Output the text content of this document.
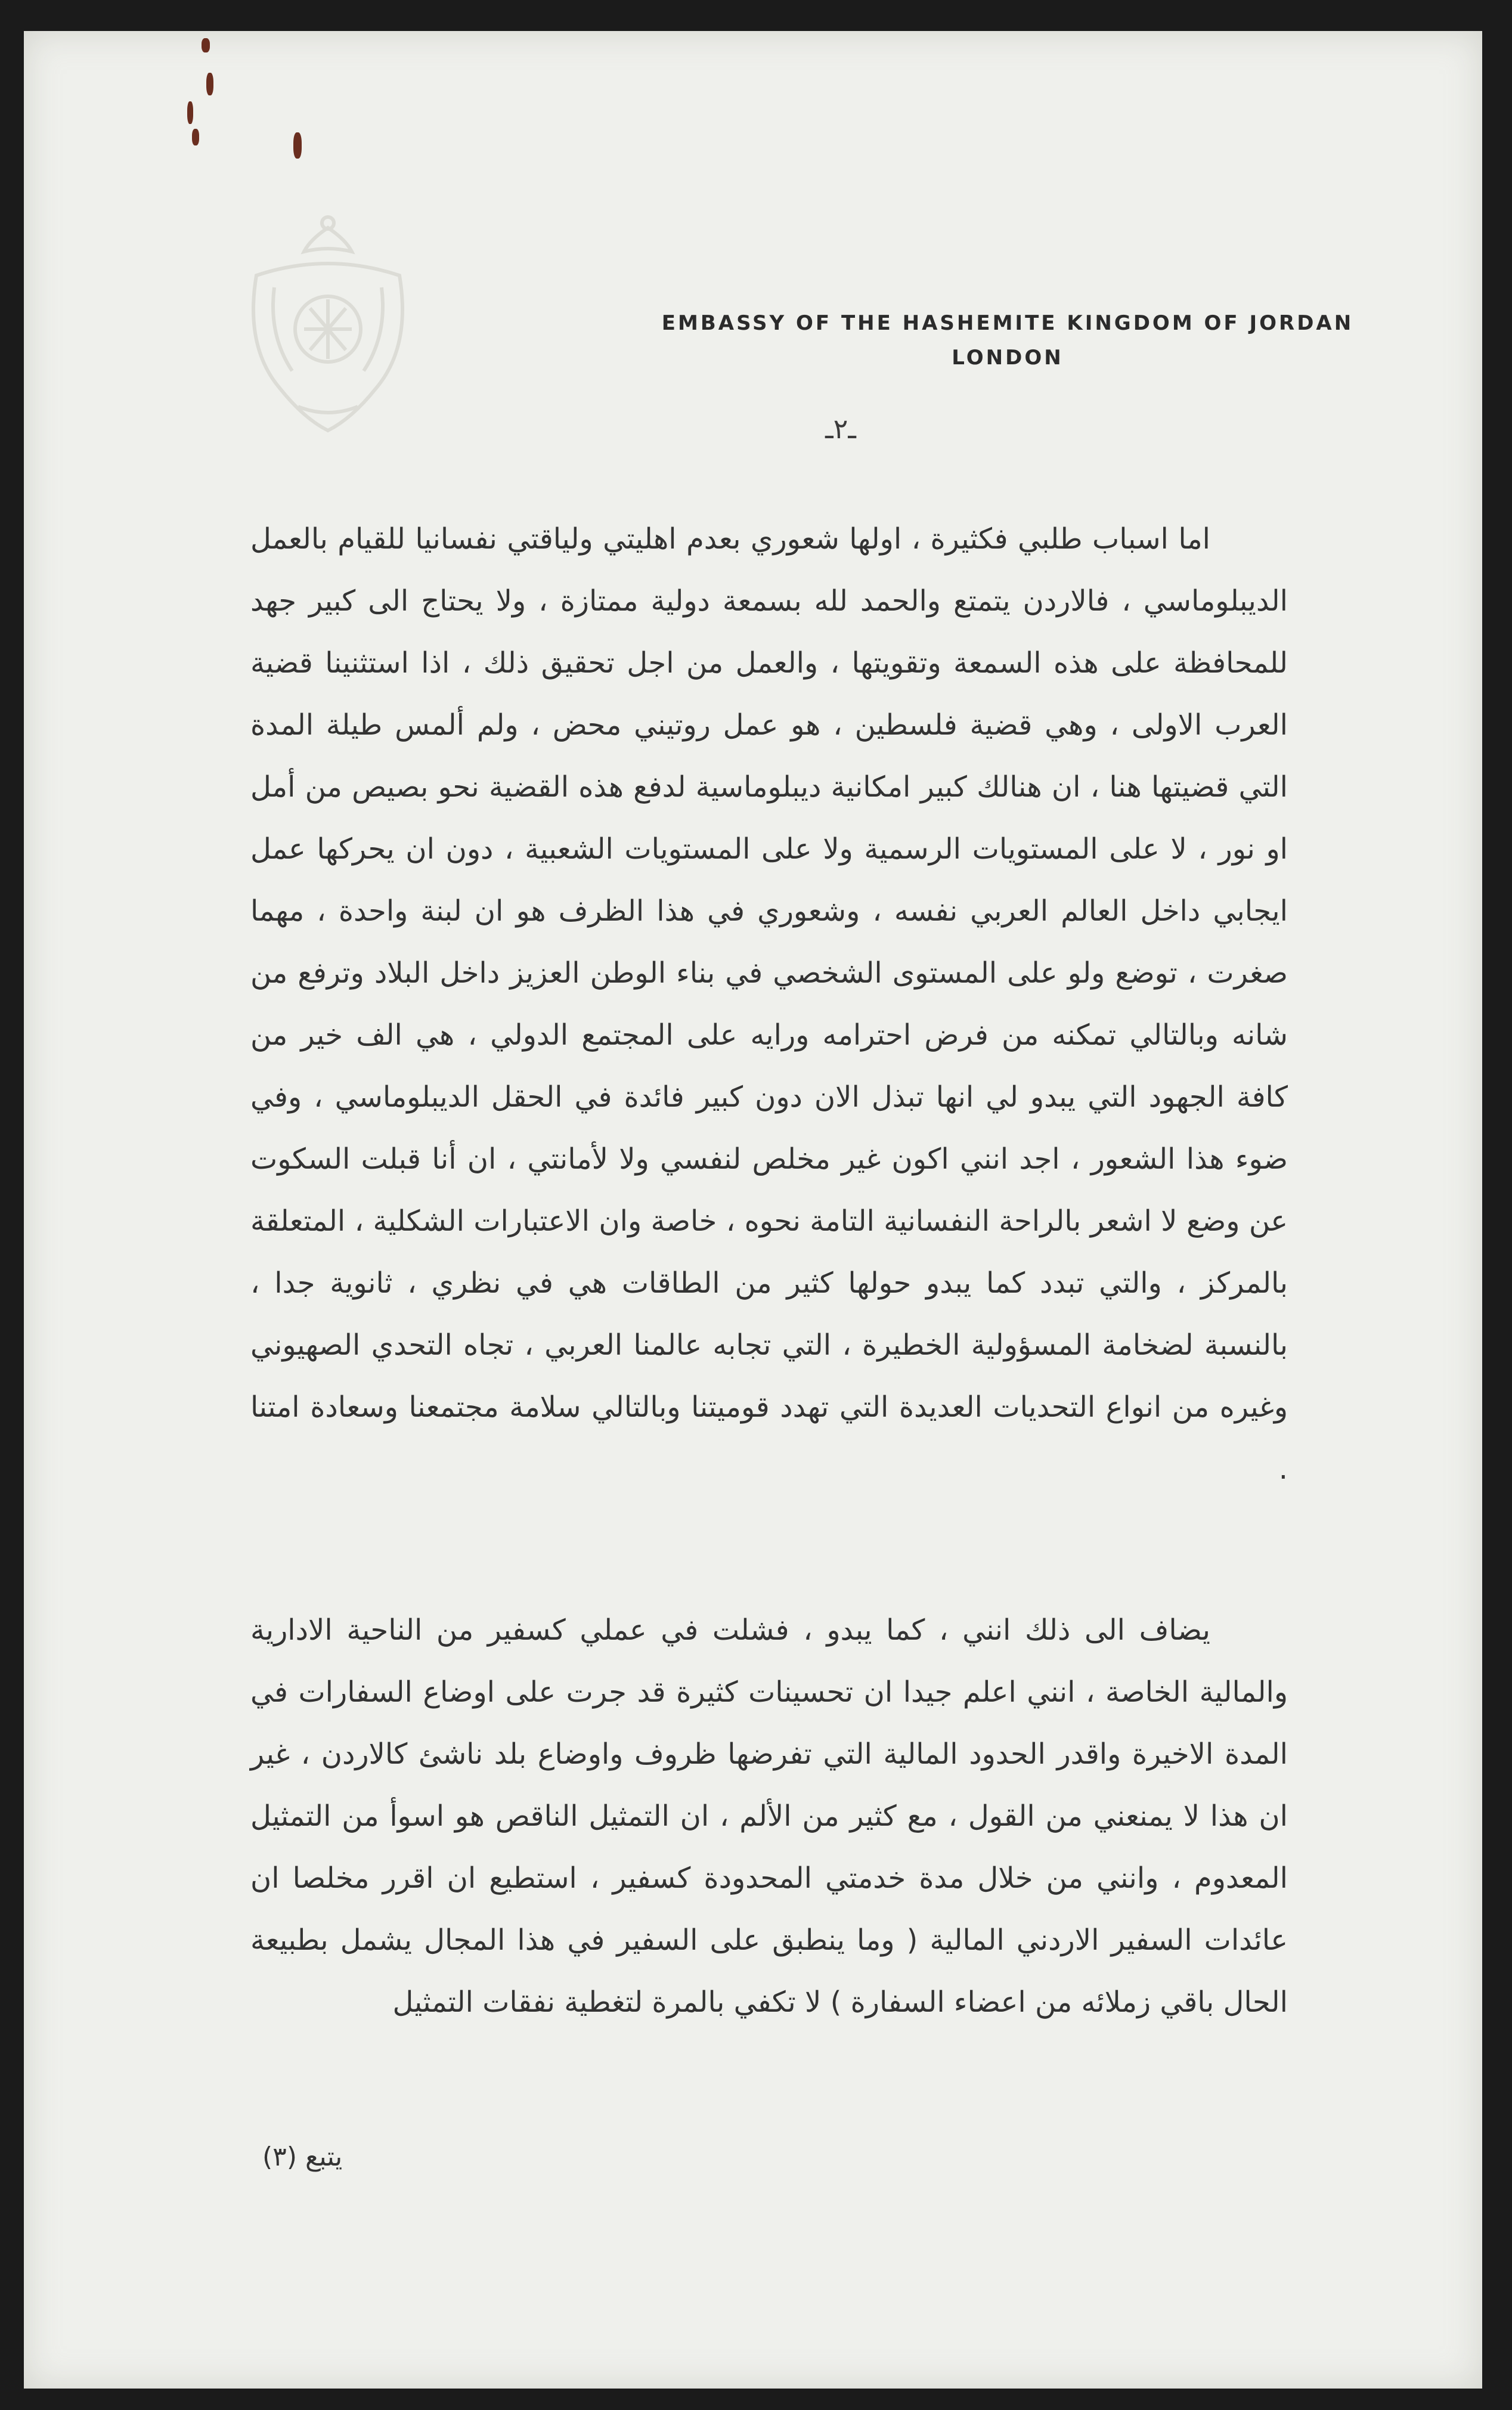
EMBASSY OF THE HASHEMITE KINGDOM OF JORDAN
LONDON
ـ٢ـ

اما اسباب طلبي فكثيرة ، اولها شعوري بعدم اهليتي ولياقتي نفسانيا للقيام بالعمل الديبلوماسي ، فالاردن يتمتع والحمد لله بسمعة دولية ممتازة ، ولا يحتاج الى كبير جهد للمحافظة على هذه السمعة وتقويتها ، والعمل من اجل تحقيق ذلك ، اذا استثنينا قضية العرب الاولى ، وهي قضية فلسطين ، هو عمل روتيني محض ، ولم ألمس طيلة المدة التي قضيتها هنا ، ان هنالك كبير امكانية ديبلوماسية لدفع هذه القضية نحو بصيص من أمل او نور ، لا على المستويات الرسمية ولا على المستويات الشعبية ، دون ان يحركها عمل ايجابي داخل العالم العربي نفسه ، وشعوري في هذا الظرف هو ان لبنة واحدة ، مهما صغرت ، توضع ولو على المستوى الشخصي في بناء الوطن العزيز داخل البلاد وترفع من شانه وبالتالي تمكنه من فرض احترامه ورايه على المجتمع الدولي ، هي الف خير من كافة الجهود التي يبدو لي انها تبذل الان دون كبير فائدة في الحقل الديبلوماسي ، وفي ضوء هذا الشعور ، اجد انني اكون غير مخلص لنفسي ولا لأمانتي ، ان أنا قبلت السكوت عن وضع لا اشعر بالراحة النفسانية التامة نحوه ، خاصة وان الاعتبارات الشكلية ، المتعلقة بالمركز ، والتي تبدد كما يبدو حولها كثير من الطاقات هي في نظري ، ثانوية جدا ، بالنسبة لضخامة المسؤولية الخطيرة ، التي تجابه عالمنا العربي ، تجاه التحدي الصهيوني وغيره من انواع التحديات العديدة التي تهدد قوميتنا وبالتالي سلامة مجتمعنا وسعادة امتنا .

يضاف الى ذلك انني ، كما يبدو ، فشلت في عملي كسفير من الناحية الادارية والمالية الخاصة ، انني اعلم جيدا ان تحسينات كثيرة قد جرت على اوضاع السفارات في المدة الاخيرة واقدر الحدود المالية التي تفرضها ظروف واوضاع بلد ناشئ كالاردن ، غير ان هذا لا يمنعني من القول ، مع كثير من الألم ، ان التمثيل الناقص هو اسوأ من التمثيل المعدوم ، وانني من خلال مدة خدمتي المحدودة كسفير ، استطيع ان اقرر مخلصا ان عائدات السفير الاردني المالية ( وما ينطبق على السفير في هذا المجال يشمل بطبيعة الحال باقي زملائه من اعضاء السفارة ) لا تكفي بالمرة لتغطية نفقات التمثيل

يتبع (٣)
